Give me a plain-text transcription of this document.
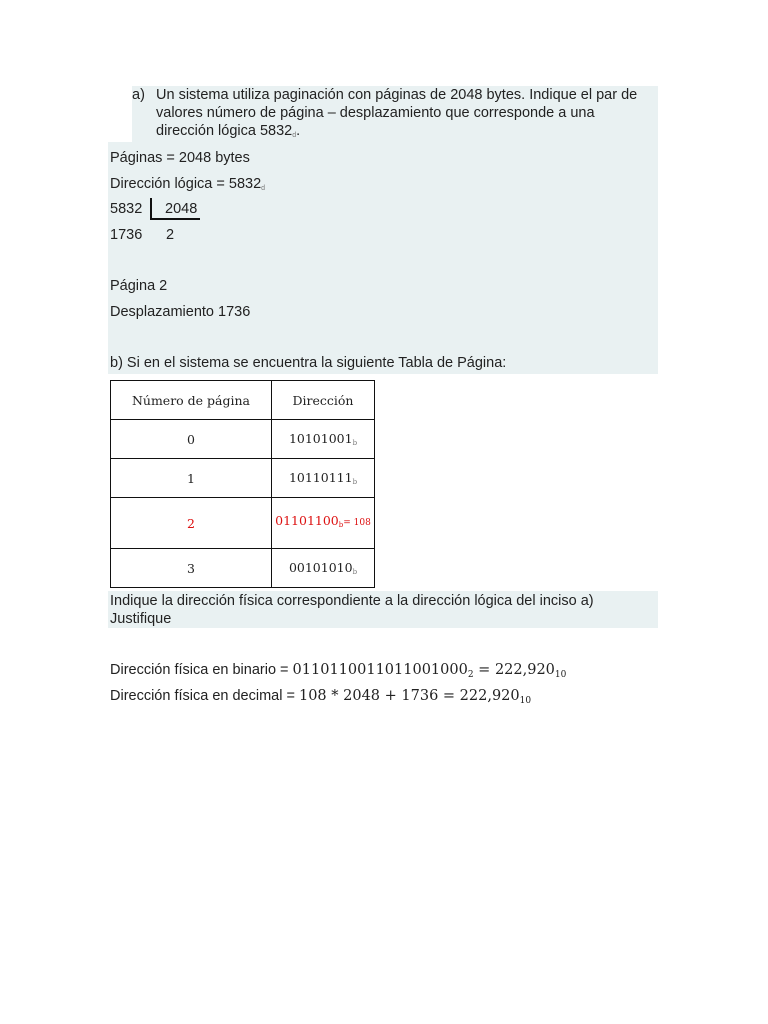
a) Un sistema utiliza paginación con páginas de 2048 bytes. Indique el par de valores número de página – desplazamiento que corresponde a una dirección lógica $5832_d$.
Páginas = 2048 bytes
Dirección lógica = $5832_d$
5832 2048
1736 2
Página 2
Desplazamiento 1736
b) Si en el sistema se encuentra la siguiente Tabla de Página:
Número de página	Dirección
0	$10101001_b$
1	$10110111_b$
2	$01101100_b= 108$
3	$00101010_b$
Indique la dirección física correspondiente a la dirección lógica del inciso a)
Justifique
Dirección física en binario = $0110110011011001000_2 = 222,920_{10}$
Dirección física en decimal = $108 * 2048 + 1736 = 222,920_{10}$
